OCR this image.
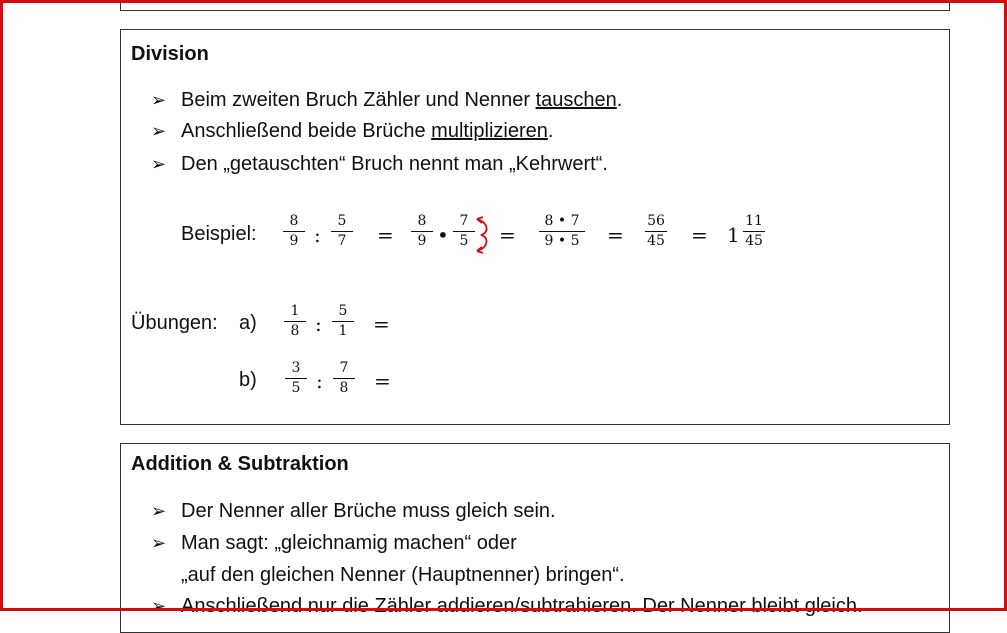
Division
➢ Beim zweiten Bruch Zähler und Nenner tauschen.
➢ Anschließend beide Brüche multiplizieren.
➢ Den „getauschten“ Bruch nennt man „Kehrwert“.
Beispiel:
8
9 :
5
7	=
8
9 •
7
5	=
8 • 7
9 • 5 =
56
45 = 1
11
45
Übungen: a)
1
8 :
5
1	=
b)
3
5 :
7
8	=
Addition & Subtraktion
➢ Der Nenner aller Brüche muss gleich sein.
➢ Man sagt: „gleichnamig machen“ oder
„auf den gleichen Nenner (Hauptnenner) bringen“.
➢ Anschließend nur die Zähler addieren/subtrahieren. Der Nenner bleibt gleich.
